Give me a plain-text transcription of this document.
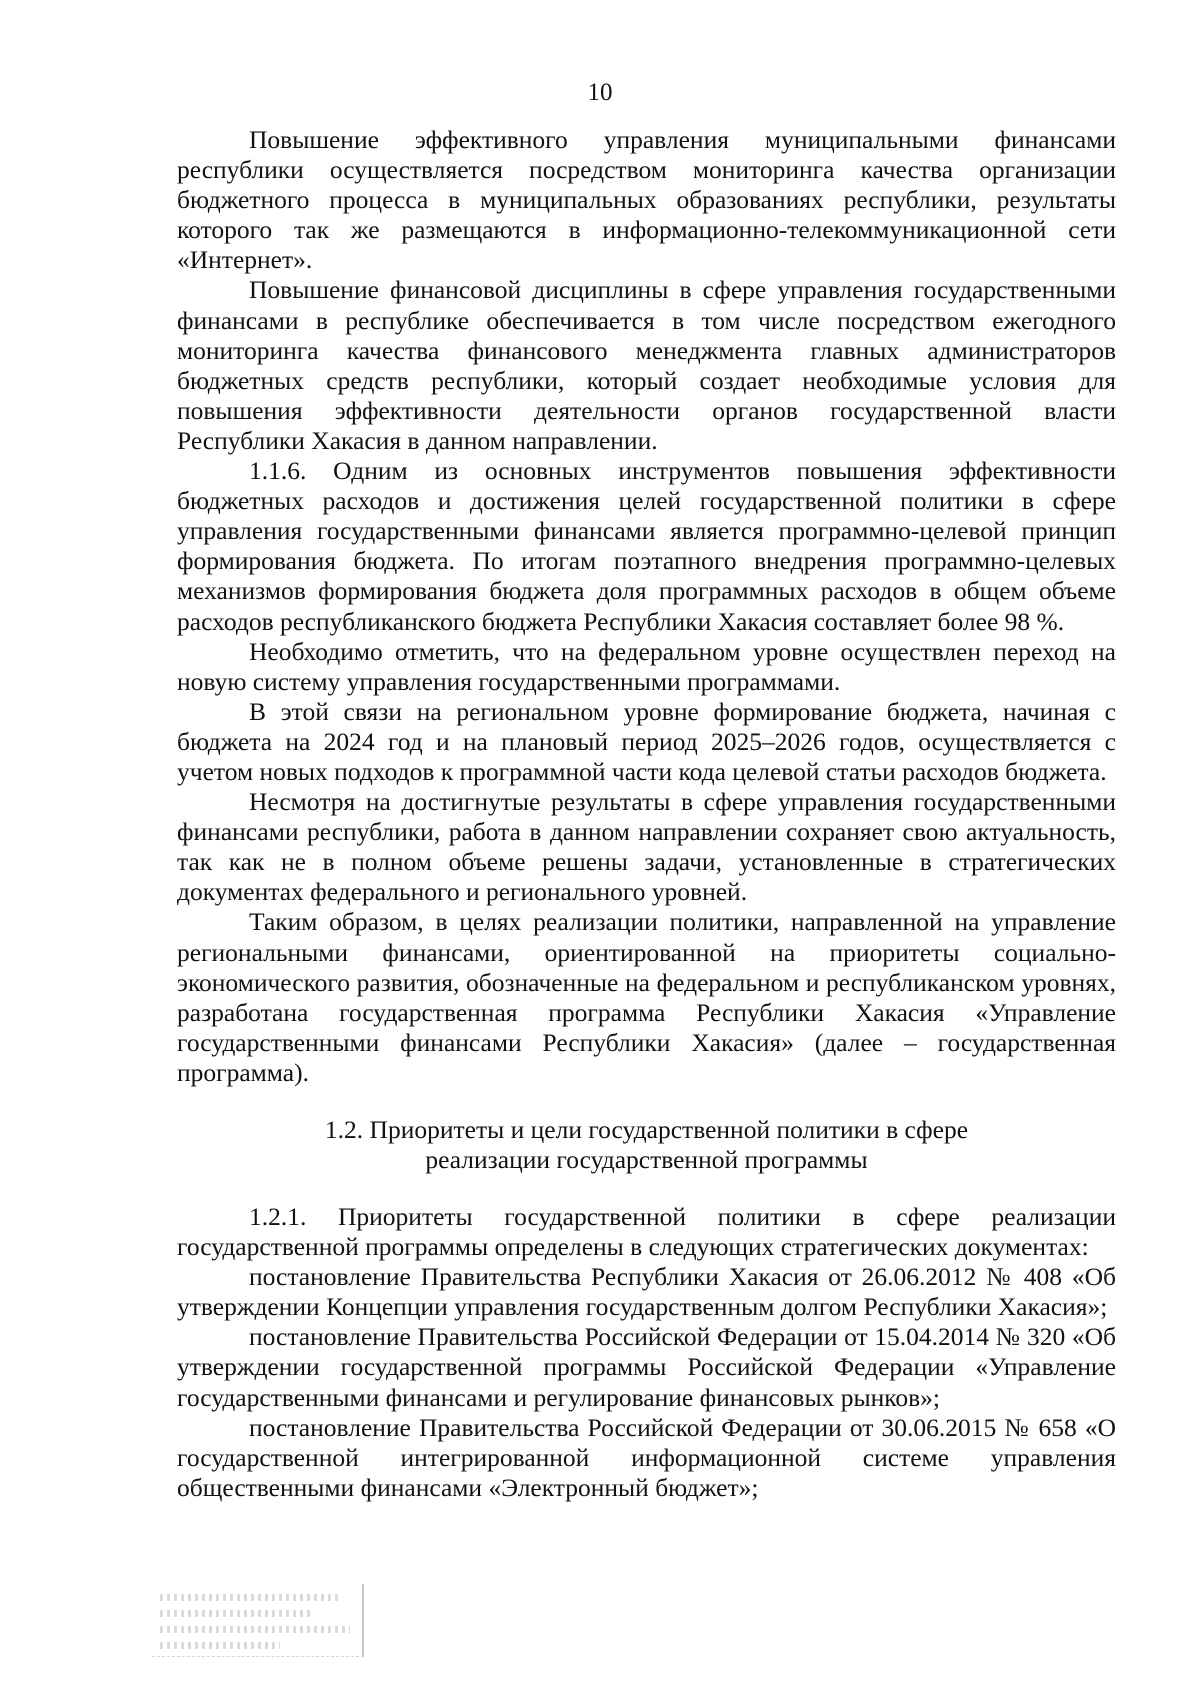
10

Повышение эффективного управления муниципальными финансами республики осуществляется посредством мониторинга качества организации бюджетного процесса в муниципальных образованиях республики, результаты которого так же размещаются в информационно-телекоммуникационной сети «Интернет».

Повышение финансовой дисциплины в сфере управления государственными финансами в республике обеспечивается в том числе посредством ежегодного мониторинга качества финансового менеджмента главных администраторов бюджетных средств республики, который создает необходимые условия для повышения эффективности деятельности органов государственной власти Республики Хакасия в данном направлении.

1.1.6. Одним из основных инструментов повышения эффективности бюджетных расходов и достижения целей государственной политики в сфере управления государственными финансами является программно-целевой принцип формирования бюджета. По итогам поэтапного внедрения программно-целевых механизмов формирования бюджета доля программных расходов в общем объеме расходов республиканского бюджета Республики Хакасия составляет более 98 %.

Необходимо отметить, что на федеральном уровне осуществлен переход на новую систему управления государственными программами.

В этой связи на региональном уровне формирование бюджета, начиная с бюджета на 2024 год и на плановый период 2025–2026 годов, осуществляется с учетом новых подходов к программной части кода целевой статьи расходов бюджета.

Несмотря на достигнутые результаты в сфере управления государственными финансами республики, работа в данном направлении сохраняет свою актуальность, так как не в полном объеме решены задачи, установленные в стратегических документах федерального и регионального уровней.

Таким образом, в целях реализации политики, направленной на управление региональными финансами, ориентированной на приоритеты социально-экономического развития, обозначенные на федеральном и республиканском уровнях, разработана государственная программа Республики Хакасия «Управление государственными финансами Республики Хакасия» (далее – государственная программа).

1.2. Приоритеты и цели государственной политики в сфере
реализации государственной программы

1.2.1. Приоритеты государственной политики в сфере реализации государственной программы определены в следующих стратегических документах:

постановление Правительства Республики Хакасия от 26.06.2012 № 408 «Об утверждении Концепции управления государственным долгом Республики Хакасия»;

постановление Правительства Российской Федерации от 15.04.2014 № 320 «Об утверждении государственной программы Российской Федерации «Управление государственными финансами и регулирование финансовых рынков»;

постановление Правительства Российской Федерации от 30.06.2015 № 658 «О государственной интегрированной информационной системе управления общественными финансами «Электронный бюджет»;
